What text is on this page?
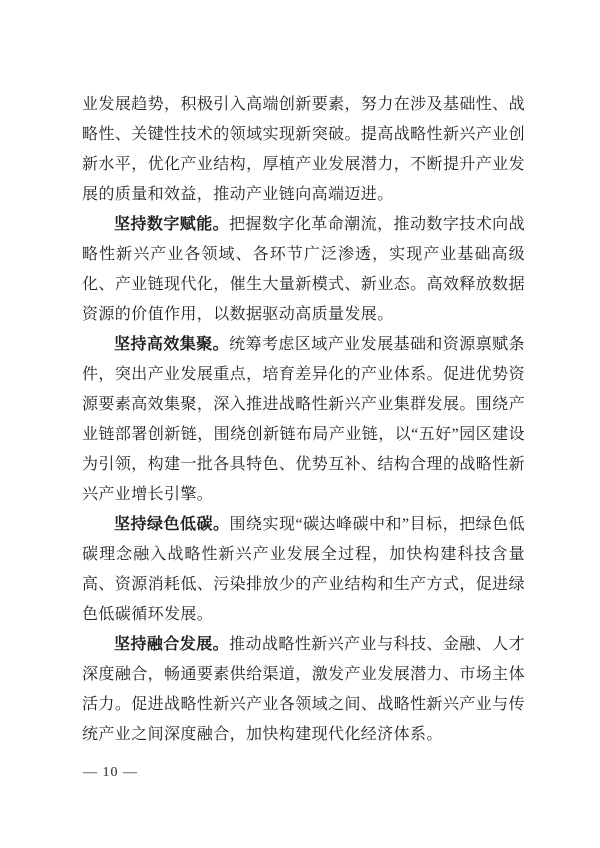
业发展趋势，积极引入高端创新要素，努力在涉及基础性、战略性、关键性技术的领域实现新突破。提高战略性新兴产业创新水平，优化产业结构，厚植产业发展潜力，不断提升产业发展的质量和效益，推动产业链向高端迈进。

坚持数字赋能。把握数字化革命潮流，推动数字技术向战略性新兴产业各领域、各环节广泛渗透，实现产业基础高级化、产业链现代化，催生大量新模式、新业态。高效释放数据资源的价值作用，以数据驱动高质量发展。

坚持高效集聚。统筹考虑区域产业发展基础和资源禀赋条件，突出产业发展重点，培育差异化的产业体系。促进优势资源要素高效集聚，深入推进战略性新兴产业集群发展。围绕产业链部署创新链，围绕创新链布局产业链，以“五好”园区建设为引领，构建一批各具特色、优势互补、结构合理的战略性新兴产业增长引擎。

坚持绿色低碳。围绕实现“碳达峰碳中和”目标，把绿色低碳理念融入战略性新兴产业发展全过程，加快构建科技含量高、资源消耗低、污染排放少的产业结构和生产方式，促进绿色低碳循环发展。

坚持融合发展。推动战略性新兴产业与科技、金融、人才深度融合，畅通要素供给渠道，激发产业发展潜力、市场主体活力。促进战略性新兴产业各领域之间、战略性新兴产业与传统产业之间深度融合，加快构建现代化经济体系。

— 10 —
